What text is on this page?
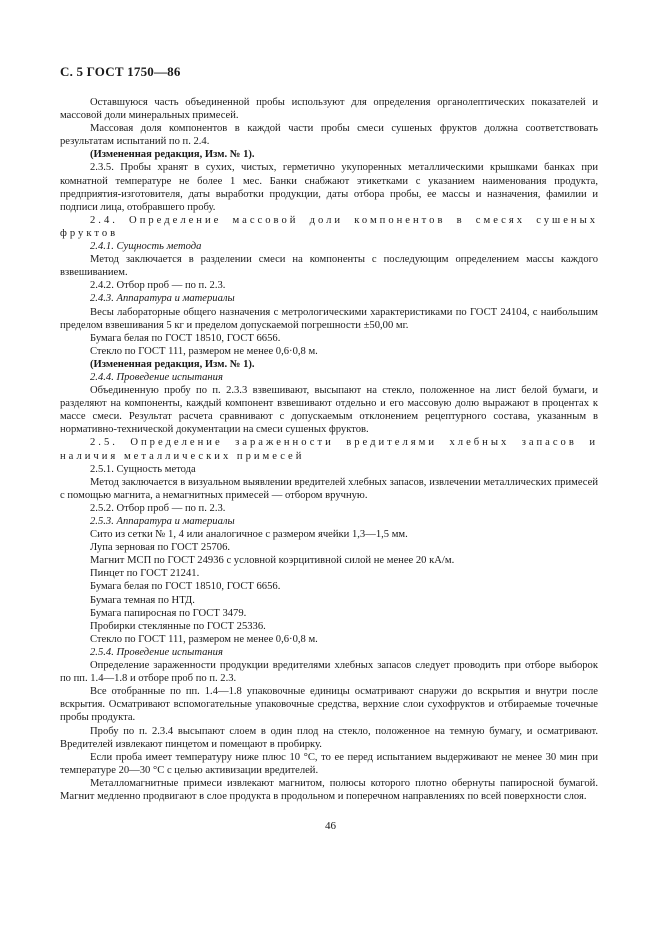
С. 5 ГОСТ 1750—86

Оставшуюся часть объединенной пробы используют для определения органолептических показателей и массовой доли минеральных примесей.

Массовая доля компонентов в каждой части пробы смеси сушеных фруктов должна соответствовать результатам испытаний по п. 2.4.

(Измененная редакция, Изм. № 1).

2.3.5. Пробы хранят в сухих, чистых, герметично укупоренных металлическими крышками банках при комнатной температуре не более 1 мес. Банки снабжают этикетками с указанием наименования продукта, предприятия-изготовителя, даты выработки продукции, даты отбора пробы, ее массы и назначения, фамилии и подписи лица, отобравшего пробу.

2.4. Определение массовой доли компонентов в смесях сушеных фруктов

2.4.1. Сущность метода

Метод заключается в разделении смеси на компоненты с последующим определением массы каждого взвешиванием.

2.4.2. Отбор проб — по п. 2.3.

2.4.3. Аппаратура и материалы

Весы лабораторные общего назначения с метрологическими характеристиками по ГОСТ 24104, с наибольшим пределом взвешивания 5 кг и пределом допускаемой погрешности ±50,00 мг.

Бумага белая по ГОСТ 18510, ГОСТ 6656.

Стекло по ГОСТ 111, размером не менее 0,6·0,8 м.

(Измененная редакция, Изм. № 1).

2.4.4. Проведение испытания

Объединенную пробу по п. 2.3.3 взвешивают, высыпают на стекло, положенное на лист белой бумаги, и разделяют на компоненты, каждый компонент взвешивают отдельно и его массовую долю выражают в процентах к массе смеси. Результат расчета сравнивают с допускаемым отклонением рецептурного состава, указанным в нормативно-технической документации на смеси сушеных фруктов.

2.5. Определение зараженности вредителями хлебных запасов и наличия металлических примесей

2.5.1. Сущность метода

Метод заключается в визуальном выявлении вредителей хлебных запасов, извлечении металлических примесей с помощью магнита, а немагнитных примесей — отбором вручную.

2.5.2. Отбор проб — по п. 2.3.

2.5.3. Аппаратура и материалы

Сито из сетки № 1, 4 или аналогичное с размером ячейки 1,3—1,5 мм.

Лупа зерновая по ГОСТ 25706.

Магнит МСП по ГОСТ 24936 с условной коэрцитивной силой не менее 20 кА/м.

Пинцет по ГОСТ 21241.

Бумага белая по ГОСТ 18510, ГОСТ 6656.

Бумага темная по НТД.

Бумага папиросная по ГОСТ 3479.

Пробирки стеклянные по ГОСТ 25336.

Стекло по ГОСТ 111, размером не менее 0,6·0,8 м.

2.5.4. Проведение испытания

Определение зараженности продукции вредителями хлебных запасов следует проводить при отборе выборок по пп. 1.4—1.8 и отборе проб по п. 2.3.

Все отобранные по пп. 1.4—1.8 упаковочные единицы осматривают снаружи до вскрытия и внутри после вскрытия. Осматривают вспомогательные упаковочные средства, верхние слои сухофруктов и отбираемые точечные пробы продукта.

Пробу по п. 2.3.4 высыпают слоем в один плод на стекло, положенное на темную бумагу, и осматривают. Вредителей извлекают пинцетом и помещают в пробирку.

Если проба имеет температуру ниже плюс 10 °С, то ее перед испытанием выдерживают не менее 30 мин при температуре 20—30 °С с целью активизации вредителей.

Металломагнитные примеси извлекают магнитом, полюсы которого плотно обернуты папиросной бумагой. Магнит медленно продвигают в слое продукта в продольном и поперечном направлениях по всей поверхности слоя.

46
